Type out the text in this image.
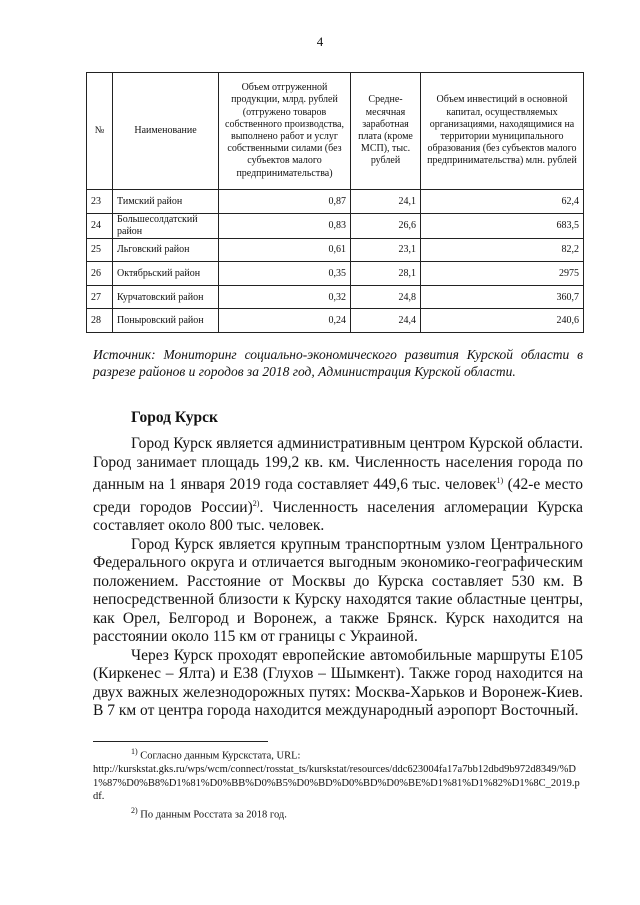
4
№	Наименование	Объем отгруженной продукции, млрд. рублей (отгружено товаров собственного производства, выполнено работ и услуг собственными силами (без субъектов малого предпринимательства)	Средне-месячная заработная плата (кроме МСП), тыс. рублей	Объем инвестиций в основной капитал, осуществляемых организациями, находящимися на территории муниципального образования (без субъектов малого предпринимательства) млн. рублей
23	Тимский район	0,87	24,1	62,4
24	Большесолдатский район	0,83	26,6	683,5
25	Льговский район	0,61	23,1	82,2
26	Октябрьский район	0,35	28,1	2975
27	Курчатовский район	0,32	24,8	360,7
28	Поныровский район	0,24	24,4	240,6
Источник: Мониторинг социально-экономического развития Курской области в разрезе районов и городов за 2018 год, Администрация Курской области.
Город Курск

Город Курск является административным центром Курской области. Город занимает площадь 199,2 кв. км. Численность населения города по данным на 1 января 2019 года составляет 449,6 тыс. человек$^{1)}$ (42-е место среди городов России)$^{2)}$. Численность населения агломерации Курска составляет около 800 тыс. человек.

Город Курск является крупным транспортным узлом Центрального Федерального округа и отличается выгодным экономико-географическим положением. Расстояние от Москвы до Курска составляет 530 км. В непосредственной близости к Курску находятся такие областные центры, как Орел, Белгород и Воронеж, а также Брянск. Курск находится на расстоянии около 115 км от границы с Украиной.

Через Курск проходят европейские автомобильные маршруты E105 (Киркенес – Ялта) и E38 (Глухов – Шымкент). Также город находится на двух важных железнодорожных путях: Москва-Харьков и Воронеж-Киев. В 7 км от центра города находится международный аэропорт Восточный.

$^{1)}$ Согласно данным Курскстата, URL:

http://kurskstat.gks.ru/wps/wcm/connect/rosstat_ts/kurskstat/resources/ddc623004fa17a7bb12dbd9b972d8349/%D1%87%D0%B8%D1%81%D0%BB%D0%B5%D0%BD%D0%BD%D0%BE%D1%81%D1%82%D1%8C_2019.pdf.

$^{2)}$ По данным Росстата за 2018 год.
